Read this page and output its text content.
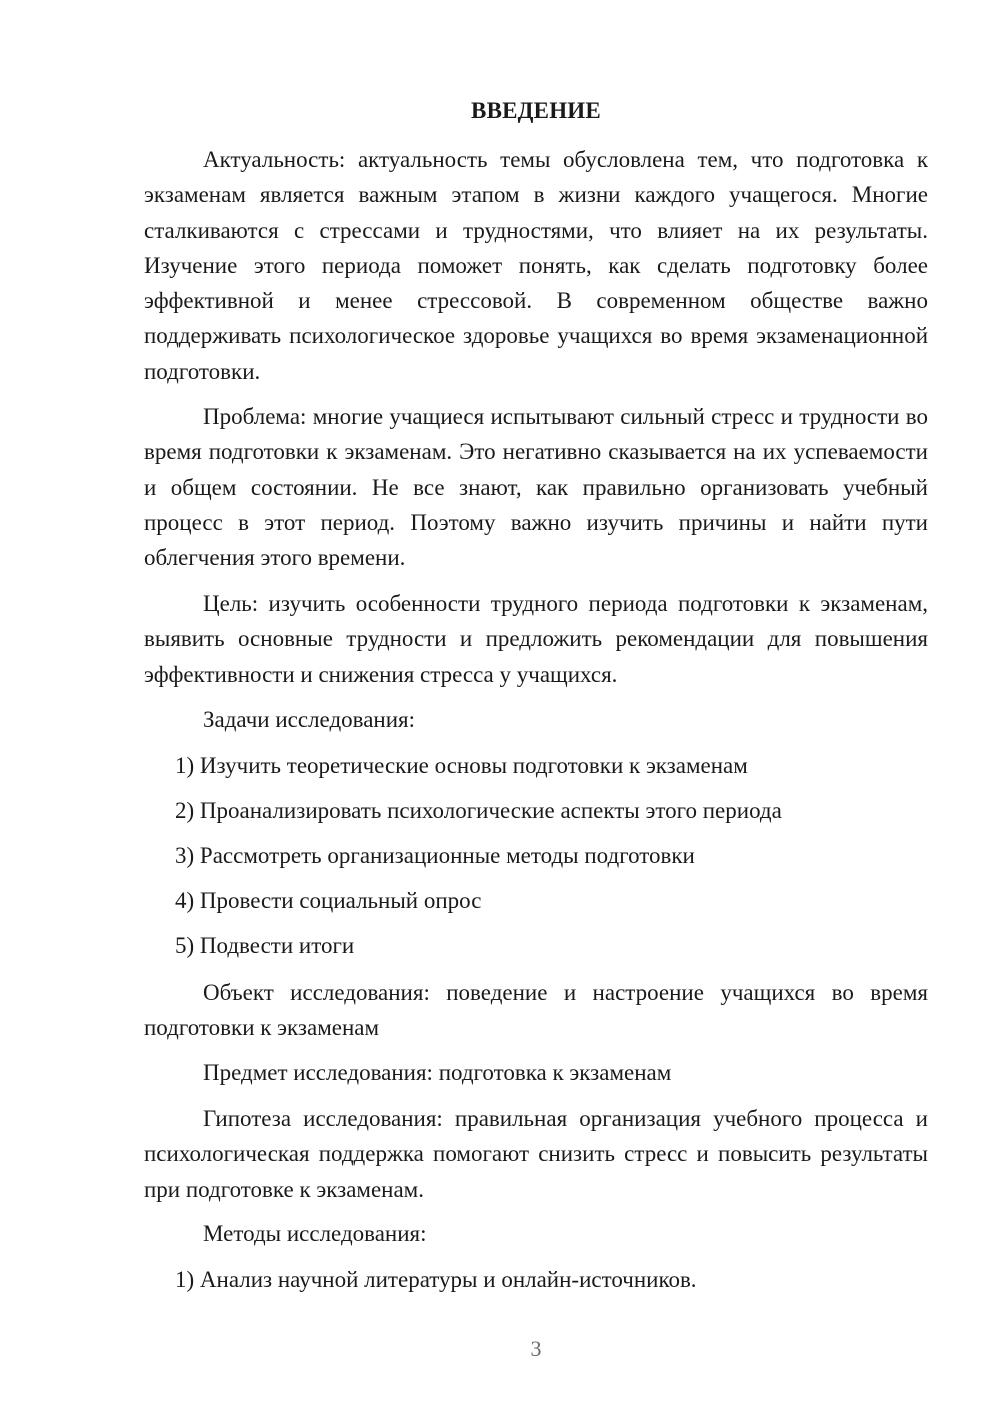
ВВЕДЕНИЕ

Актуальность: актуальность темы обусловлена тем, что подготовка к экзаменам является важным этапом в жизни каждого учащегося. Многие сталкиваются с стрессами и трудностями, что влияет на их результаты. Изучение этого периода поможет понять, как сделать подготовку более эффективной и менее стрессовой. В современном обществе важно поддерживать психологическое здоровье учащихся во время экзаменационной подготовки.

Проблема: многие учащиеся испытывают сильный стресс и трудности во время подготовки к экзаменам. Это негативно сказывается на их успеваемости и общем состоянии. Не все знают, как правильно организовать учебный процесс в этот период. Поэтому важно изучить причины и найти пути облегчения этого времени.

Цель: изучить особенности трудного периода подготовки к экзаменам, выявить основные трудности и предложить рекомендации для повышения эффективности и снижения стресса у учащихся.

Задачи исследования:

1) Изучить теоретические основы подготовки к экзаменам

2) Проанализировать психологические аспекты этого периода

3) Рассмотреть организационные методы подготовки

4) Провести социальный опрос

5) Подвести итоги

Объект исследования: поведение и настроение учащихся во время подготовки к экзаменам

Предмет исследования: подготовка к экзаменам

Гипотеза исследования: правильная организация учебного процесса и психологическая поддержка помогают снизить стресс и повысить результаты при подготовке к экзаменам.

Методы исследования:

1) Анализ научной литературы и онлайн-источников.

3
